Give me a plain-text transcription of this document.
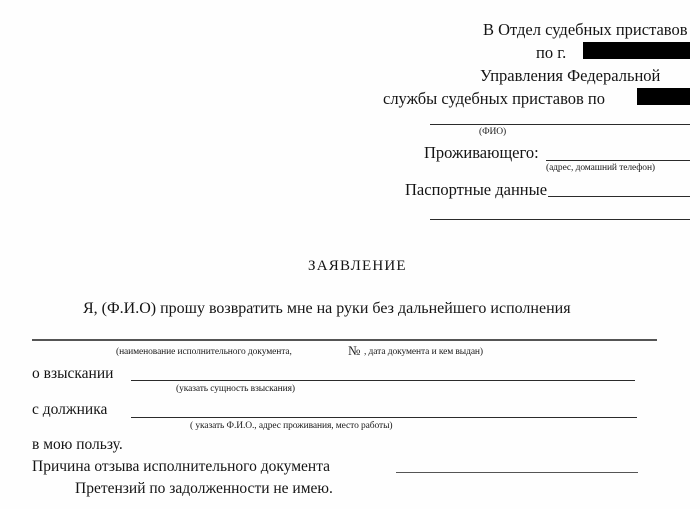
В Отдел судебных приставов
по г.
Управления Федеральной
службы судебных приставов по
(ФИО)
Проживающего:
(адрес, домашний телефон)
Паспортные данные
ЗАЯВЛЕНИЕ
Я, (Ф.И.О) прошу возвратить мне на руки без дальнейшего исполнения
(наименование исполнительного документа,	№ , дата документа и кем выдан)
о взыскании
(указать сущность взыскания)
с должника
( указать Ф.И.О., адрес проживания, место работы)
в мою пользу.
Причина отзыва исполнительного документа
Претензий по задолженности не имею.
